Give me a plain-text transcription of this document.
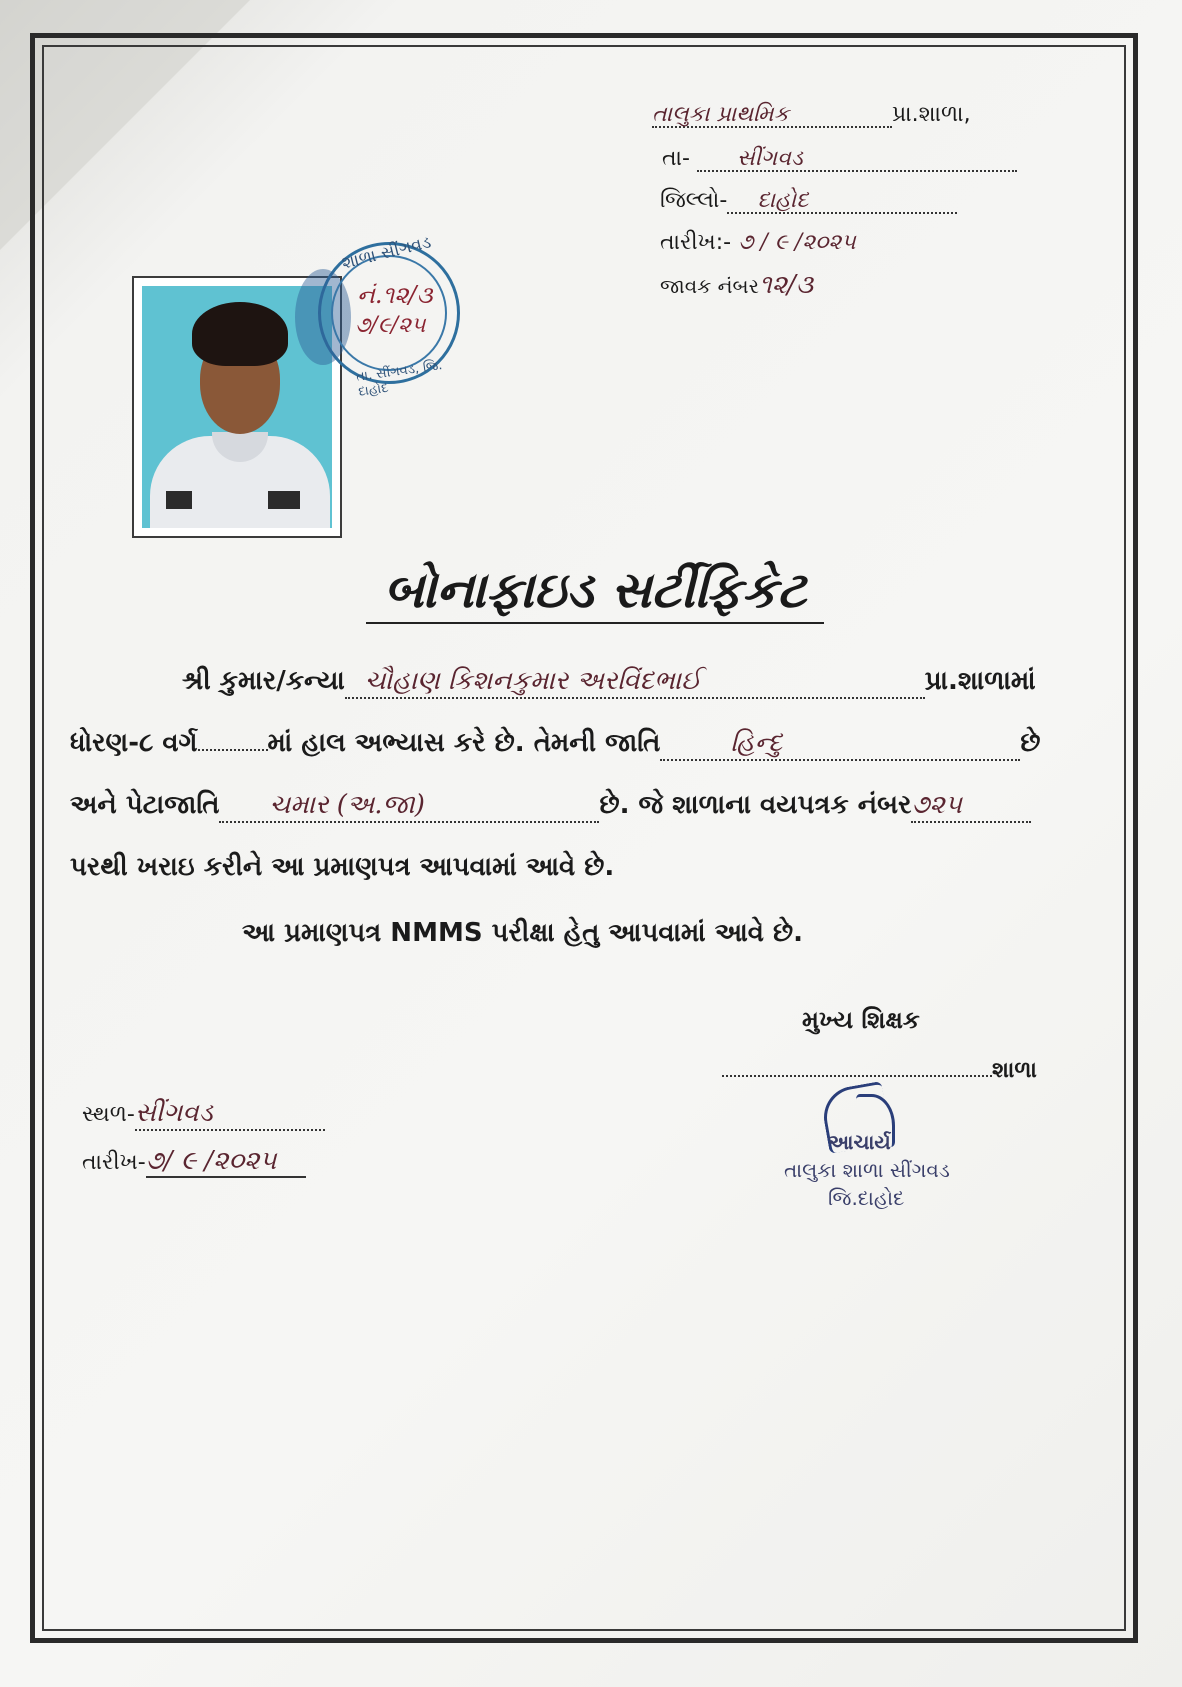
તાલુકા પ્રાથમિક	પ્રા.શાળા,
તા- સીંગવડ
જિલ્લો- દાહોદ
તારીખ:- ૭ / ૯ /૨૦૨૫
જાવક નંબર૧૨/૩
શાળા સીંગવડ
નં.૧૨/૩
૭/૯/૨૫
તા. સીંગવડ, જિ. દાહોદ
બોનાફાઇડ સર્ટીફિકેટ
શ્રી કુમાર/કન્યા ચૌહાણ કિશનકુમાર અરવિંદભાઈ	પ્રા.શાળામાં
ધોરણ-૮ વર્ગ	માં હાલ અભ્યાસ કરે છે. તેમની જાતિ	હિન્દુ	છે
અને પેટાજાતિ ચમાર (અ.જા)	છે. જે શાળાના વયપત્રક નંબર૭૨૫
પરથી ખરાઇ કરીને આ પ્રમાણપત્ર આપવામાં આવે છે.
આ પ્રમાણપત્ર NMMS પરીક્ષા હેતુ આપવામાં આવે છે.
મુખ્ય શિક્ષક
શાળા
આચાર્ય
તાલુકા શાળા સીંગવડ
જિ.દાહોદ
સ્થળ-સીંગવડ
તારીખ-૭/ ૯ /૨૦૨૫
